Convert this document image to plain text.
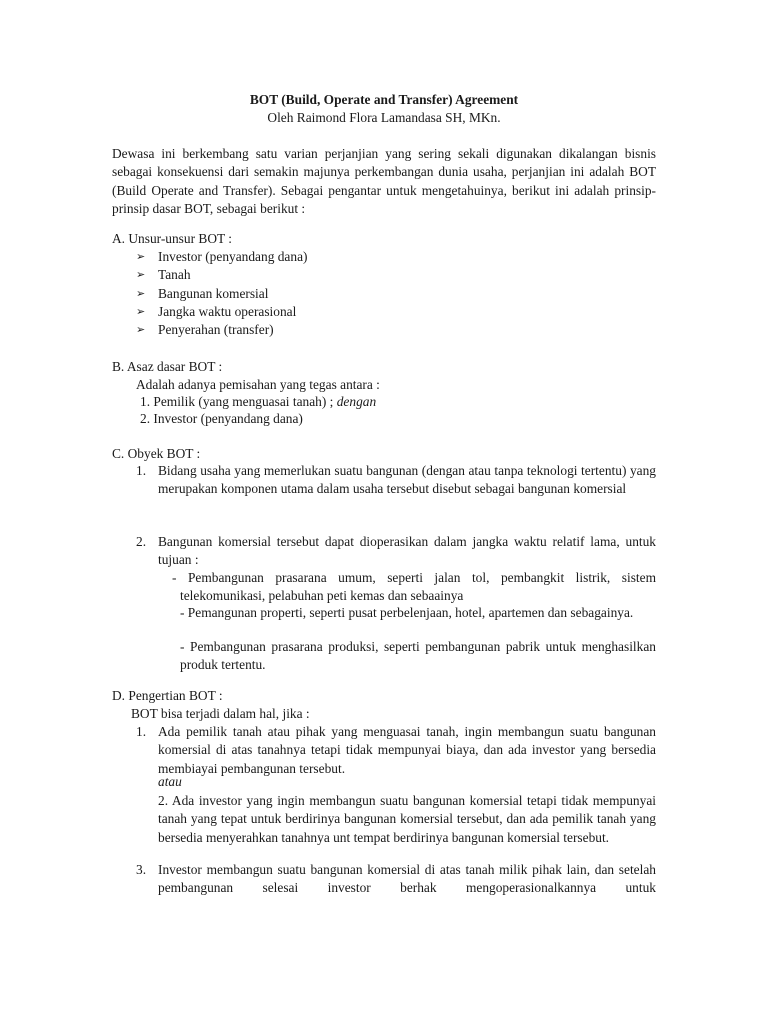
BOT (Build, Operate and Transfer) Agreement
Oleh Raimond Flora Lamandasa SH, MKn.
Dewasa ini berkembang satu varian perjanjian yang sering sekali digunakan dikalangan bisnis sebagai konsekuensi dari semakin majunya perkembangan dunia usaha, perjanjian ini adalah BOT (Build Operate and Transfer). Sebagai pengantar untuk mengetahuinya, berikut ini adalah prinsip-prinsip dasar BOT, sebagai berikut :
A. Unsur-unsur BOT :
➢ Investor (penyandang dana)
➢ Tanah
➢ Bangunan komersial
➢ Jangka waktu operasional
➢ Penyerahan (transfer)
B. Asaz dasar BOT :
Adalah adanya pemisahan yang tegas antara :
1. Pemilik (yang menguasai tanah) ; dengan
2. Investor (penyandang dana)
C. Obyek BOT :
1. Bidang usaha yang memerlukan suatu bangunan (dengan atau tanpa teknologi tertentu) yang merupakan komponen utama dalam usaha tersebut disebut sebagai bangunan komersial
2. Bangunan komersial tersebut dapat dioperasikan dalam jangka waktu relatif lama, untuk tujuan :
- Pembangunan prasarana umum, seperti jalan tol, pembangkit listrik, sistem telekomunikasi, pelabuhan peti kemas dan sebaainya
- Pemangunan properti, seperti pusat perbelenjaan, hotel, apartemen dan sebagainya.
- Pembangunan prasarana produksi, seperti pembangunan pabrik untuk menghasilkan produk tertentu.
D. Pengertian BOT :
BOT bisa terjadi dalam hal, jika :
1. Ada pemilik tanah atau pihak yang menguasai tanah, ingin membangun suatu bangunan komersial di atas tanahnya tetapi tidak mempunyai biaya, dan ada investor yang bersedia membiayai pembangunan tersebut.
atau
2. Ada investor yang ingin membangun suatu bangunan komersial tetapi tidak mempunyai tanah yang tepat untuk berdirinya bangunan komersial tersebut, dan ada pemilik tanah yang bersedia menyerahkan tanahnya unt tempat berdirinya bangunan komersial tersebut.
3. Investor membangun suatu bangunan komersial di atas tanah milik pihak lain, dan setelah pembangunan selesai investor berhak mengoperasionalkannya untuk
